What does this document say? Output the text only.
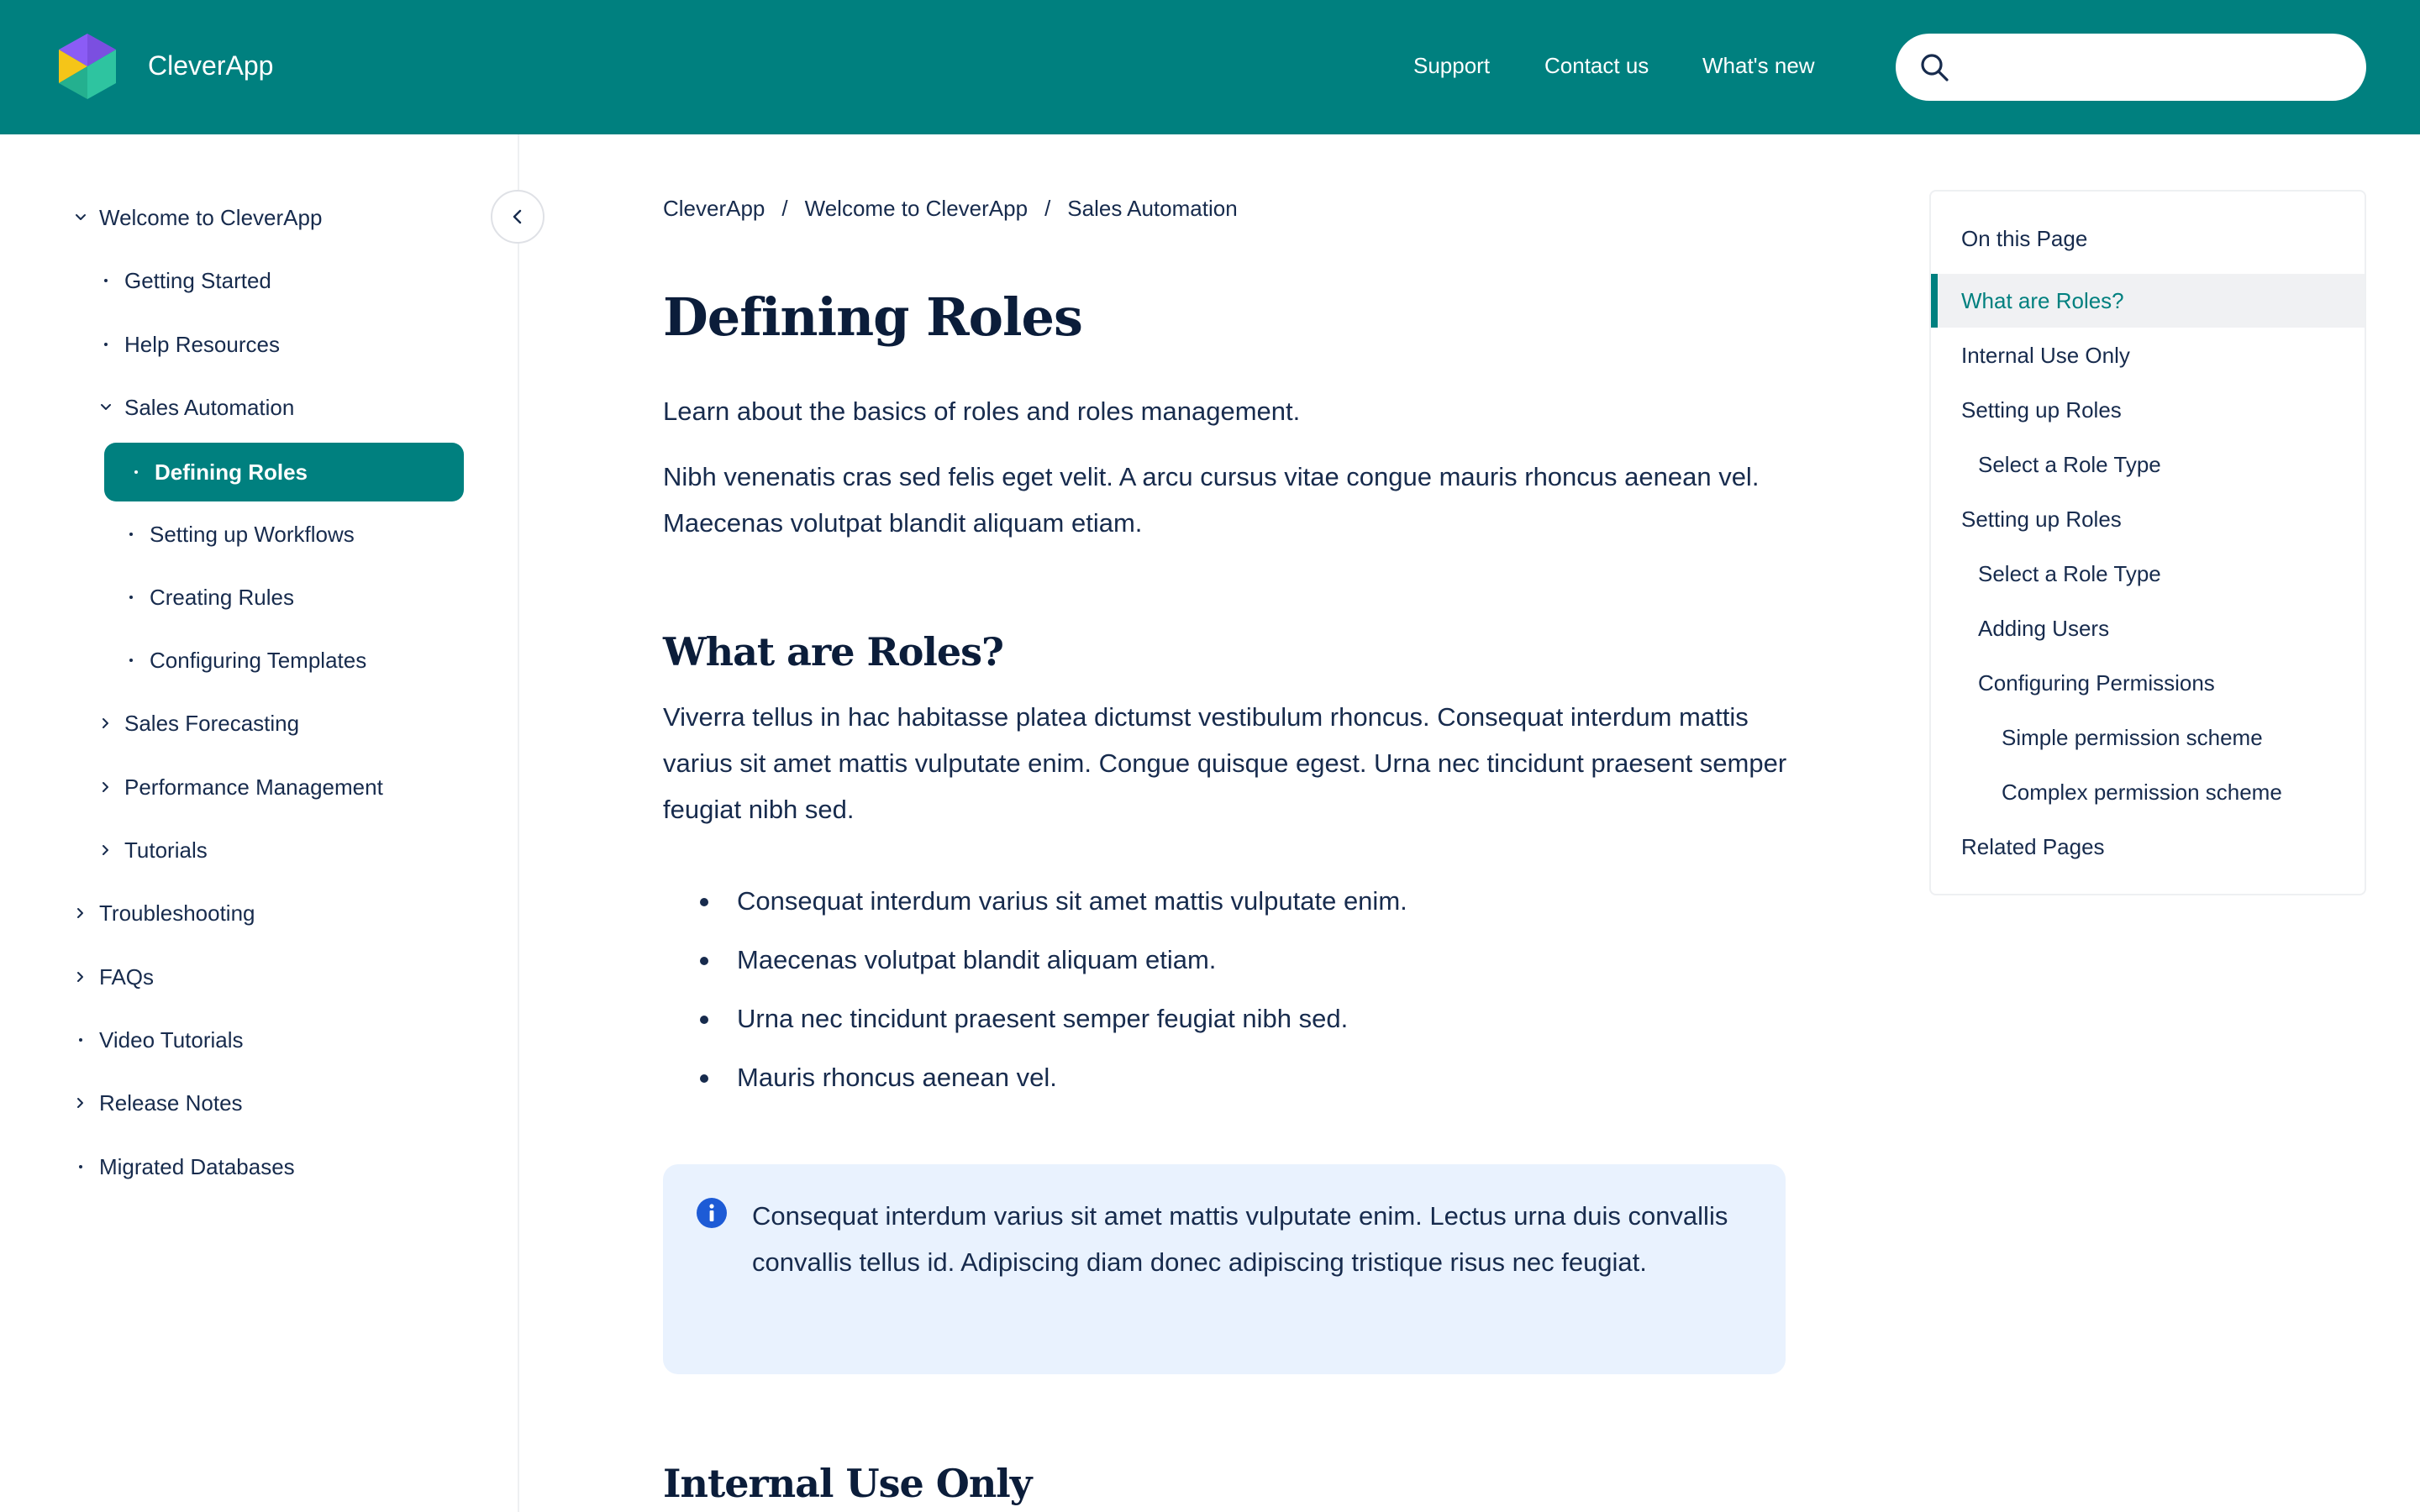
CleverApp	Support Contact us What's new
Welcome to CleverApp
Getting Started
Help Resources
Sales Automation
Defining Roles
Setting up Workflows
Creating Rules
Configuring Templates
Sales Forecasting
Performance Management
Tutorials
Troubleshooting
FAQs
Video Tutorials
Release Notes
Migrated Databases
CleverApp / Welcome to CleverApp / Sales Automation
Defining Roles

Learn about the basics of roles and roles management.

Nibh venenatis cras sed felis eget velit. A arcu cursus vitae congue mauris rhoncus aenean vel. Maecenas volutpat blandit aliquam etiam.

What are Roles?

Viverra tellus in hac habitasse platea dictumst vestibulum rhoncus. Consequat interdum mattis varius sit amet mattis vulputate enim. Congue quisque egest. Urna nec tincidunt praesent semper feugiat nibh sed.

Consequat interdum varius sit amet mattis vulputate enim.
Maecenas volutpat blandit aliquam etiam.
Urna nec tincidunt praesent semper feugiat nibh sed.
Mauris rhoncus aenean vel.
Consequat interdum varius sit amet mattis vulputate enim. Lectus urna duis convallis convallis tellus id. Adipiscing diam donec adipiscing tristique risus nec feugiat.
Internal Use Only
On this Page
What are Roles?
Internal Use Only
Setting up Roles
Select a Role Type
Setting up Roles
Select a Role Type
Adding Users
Configuring Permissions
Simple permission scheme
Complex permission scheme
Related Pages
